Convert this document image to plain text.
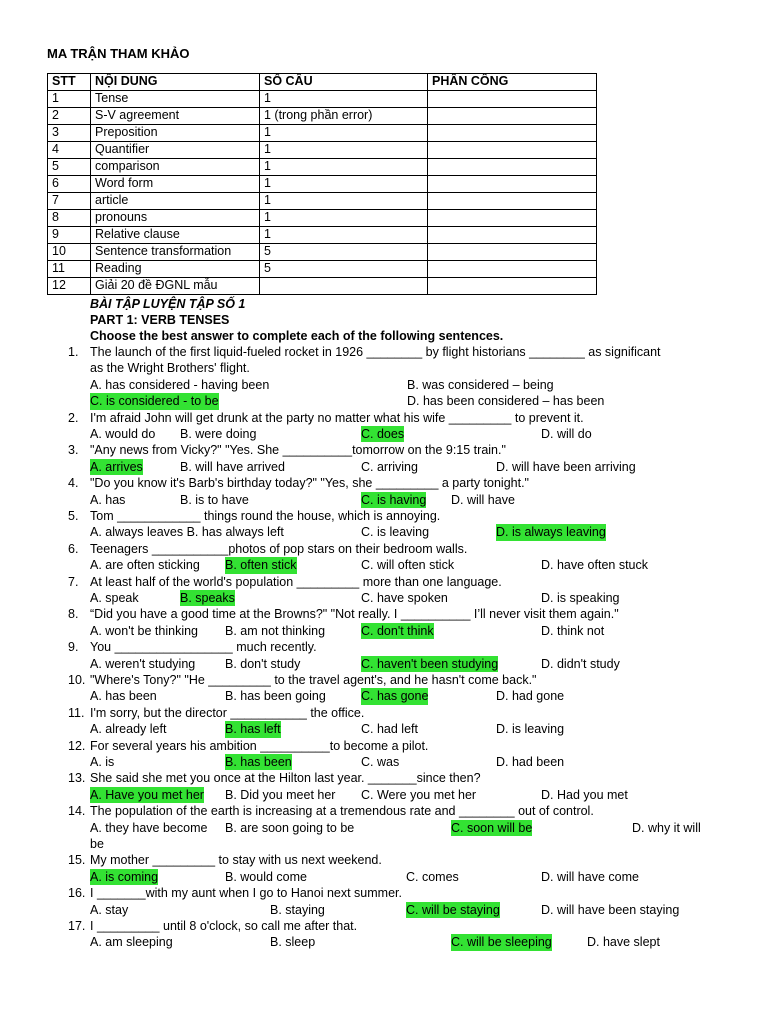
MA TRẬN THAM KHẢO
STT	NỘI DUNG	SỐ CÂU	PHÂN CÔNG
1	Tense	1	
2	S-V agreement	1 (trong phần error)	
3	Preposition	1	
4	Quantifier	1	
5	comparison	1	
6	Word form	1	
7	article	1	
8	pronouns	1	
9	Relative clause	1	
10	Sentence transformation	5	
11	Reading	5	
12	Giải 20 đề ĐGNL mẫu		
BÀI TẬP LUYỆN TẬP SỐ 1
PART 1: VERB TENSES
Choose the best answer to complete each of the following sentences.
1. The launch of the first liquid-fueled rocket in 1926 ________ by flight historians ________ as significant
as the Wright Brothers' flight.
A. has considered - having been	B. was considered – being
C. is considered - to be	D. has been considered – has been
2. I'm afraid John will get drunk at the party no matter what his wife _________ to prevent it.
A. would do B. were doing	C. does	D. will do
3. "Any news from Vicky?" "Yes. She __________tomorrow on the 9:15 train."
A. arrives	B. will have arrived	C. arriving	D. will have been arriving
4. "Do you know it's Barb's birthday today?" "Yes, she _________ a party tonight."
A. has	B. is to have	C. is having D. will have
5. Tom ____________ things round the house, which is annoying.
A. always leaves B. has always left	C. is leaving	D. is always leaving
6. Teenagers ___________photos of pop stars on their bedroom walls.
A. are often sticking B. often stick	C. will often stick	D. have often stuck
7. At least half of the world's population _________ more than one language.
A. speak	B. speaks	C. have spoken	D. is speaking
8. “Did you have a good time at the Browns?" "Not really. I __________ I’ll never visit them again."
A. won't be thinking B. am not thinking	C. don't think	D. think not
9. You _________________ much recently.
A. weren't studying B. don't study	C. haven't been studying	D. didn't study
10. "Where's Tony?" "He _________ to the travel agent's, and he hasn't come back."
A. has been	B. has been going	C. has gone	D. had gone
11. I'm sorry, but the director ___________ the office.
A. already left	B. has left	C. had left	D. is leaving
12. For several years his ambition __________to become a pilot.
A. is	B. has been	C. was	D. had been
13. She said she met you once at the Hilton last year. _______since then?
A. Have you met her B. Did you meet her C. Were you met her	D. Had you met
14. The population of the earth is increasing at a tremendous rate and ________ out of control.
A. they have become B. are soon going to be	C. soon will be	D. why it will
be
15. My mother _________ to stay with us next weekend.
A. is coming	B. would come	C. comes	D. will have come
16. I _______with my aunt when I go to Hanoi next summer.
A. stay	B. staying	C. will be staying	D. will have been staying
17. I _________ until 8 o'clock, so call me after that.
A. am sleeping	B. sleep	C. will be sleeping	D. have slept
